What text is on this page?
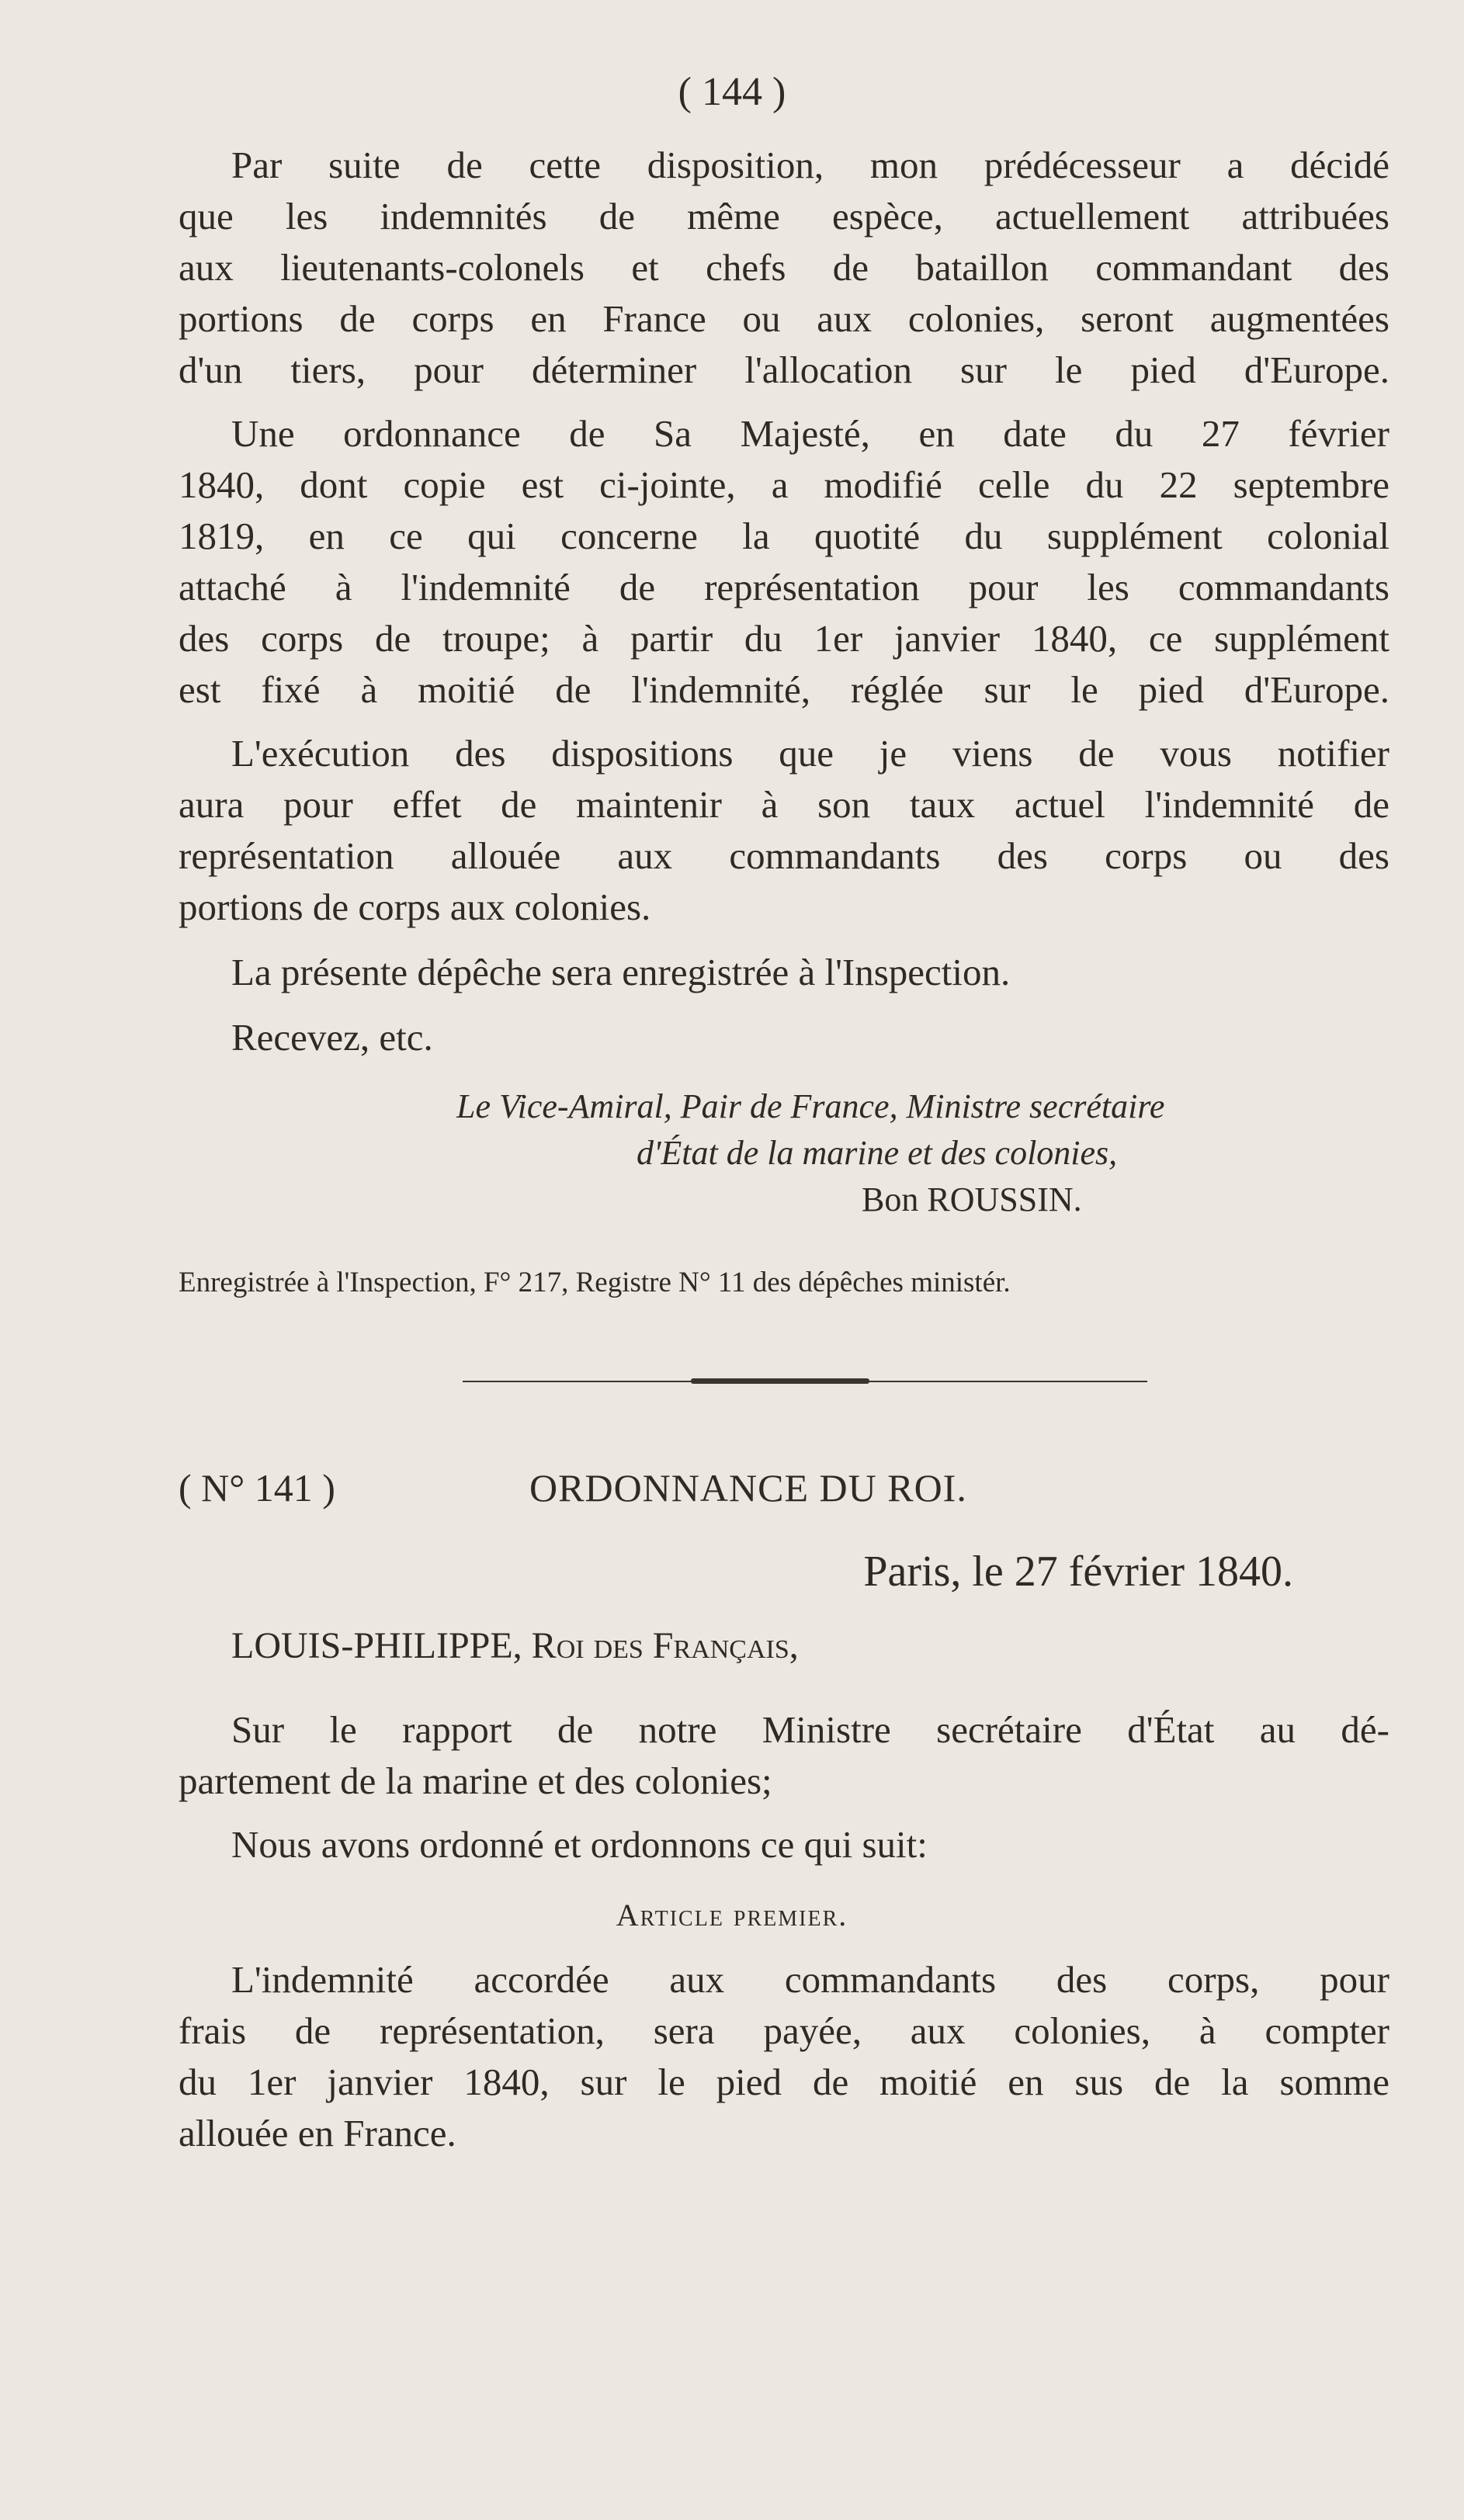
( 144 )

Par suite de cette disposition, mon prédécesseur a décidé

que les indemnités de même espèce, actuellement attribuées

aux lieutenants-colonels et chefs de bataillon commandant des

portions de corps en France ou aux colonies, seront augmentées

d'un tiers, pour déterminer l'allocation sur le pied d'Europe.

Une ordonnance de Sa Majesté, en date du 27 février

1840, dont copie est ci-jointe, a modifié celle du 22 septembre

1819, en ce qui concerne la quotité du supplément colonial

attaché à l'indemnité de représentation pour les commandants

des corps de troupe; à partir du 1er janvier 1840, ce supplément

est fixé à moitié de l'indemnité, réglée sur le pied d'Europe.

L'exécution des dispositions que je viens de vous notifier

aura pour effet de maintenir à son taux actuel l'indemnité de

représentation allouée aux commandants des corps ou des

portions de corps aux colonies.

La présente dépêche sera enregistrée à l'Inspection.

Recevez, etc.

Le Vice-Amiral, Pair de France, Ministre secrétaire

d'État de la marine et des colonies,

Bon ROUSSIN.

Enregistrée à l'Inspection, F° 217, Registre N° 11 des dépêches ministér.

( N° 141 )	ORDONNANCE DU ROI.

Paris, le 27 février 1840.

LOUIS-PHILIPPE, Roi des Français,

Sur le rapport de notre Ministre secrétaire d'État au dé-

partement de la marine et des colonies;

Nous avons ordonné et ordonnons ce qui suit:

Article premier.

L'indemnité accordée aux commandants des corps, pour

frais de représentation, sera payée, aux colonies, à compter

du 1er janvier 1840, sur le pied de moitié en sus de la somme

allouée en France.
